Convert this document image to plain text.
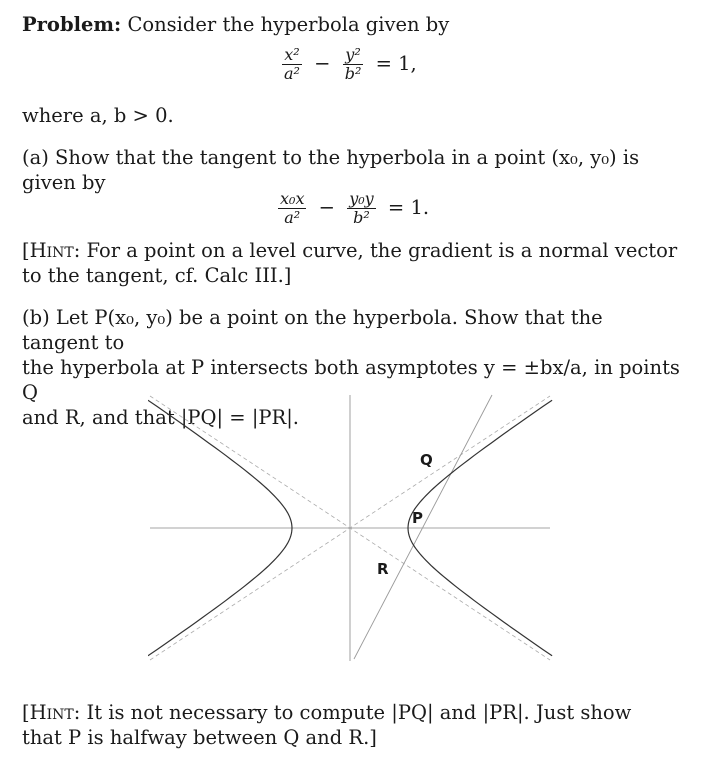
Problem: Consider the hyperbola given by
$\frac{\text{x²}}{\text{a²}} - \frac{\text{y²}}{\text{b²}} = 1$,
where a, b > 0.
(a) Show that the tangent to the hyperbola in a point (x₀, y₀) is given by
$\frac{\text{x₀x}}{\text{a²}} - \frac{\text{y₀y}}{\text{b²}} = 1$.
[Hint: For a point on a level curve, the gradient is a normal vector to the tangent, cf. Calc III.]
(b) Let P(x₀, y₀) be a point on the hyperbola. Show that the tangent to
the hyperbola at P intersects both asymptotes y = ±bx/a, in points Q
and R, and that |PQ| = |PR|.
Q
P
R
[Hint: It is not necessary to compute |PQ| and |PR|. Just show
that P is halfway between Q and R.]
